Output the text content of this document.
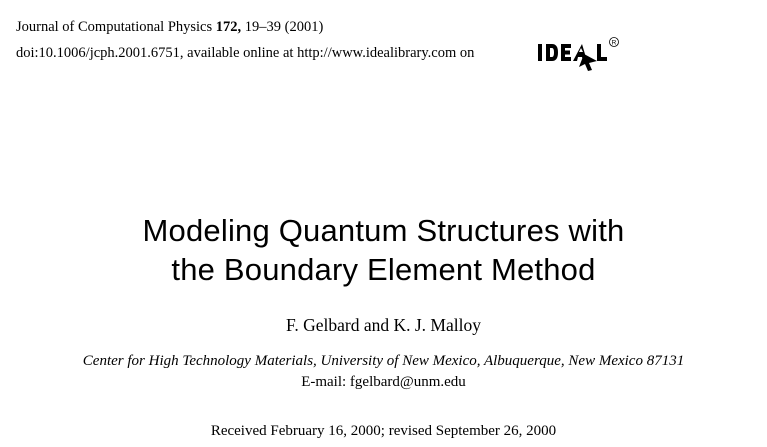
Journal of Computational Physics 172, 19–39 (2001)
doi:10.1006/jcph.2001.6751, available online at http://www.idealibrary.com on
R
Modeling Quantum Structures with
the Boundary Element Method
F. Gelbard and K. J. Malloy
Center for High Technology Materials, University of New Mexico, Albuquerque, New Mexico 87131
E-mail: fgelbard@unm.edu
Received February 16, 2000; revised September 26, 2000
